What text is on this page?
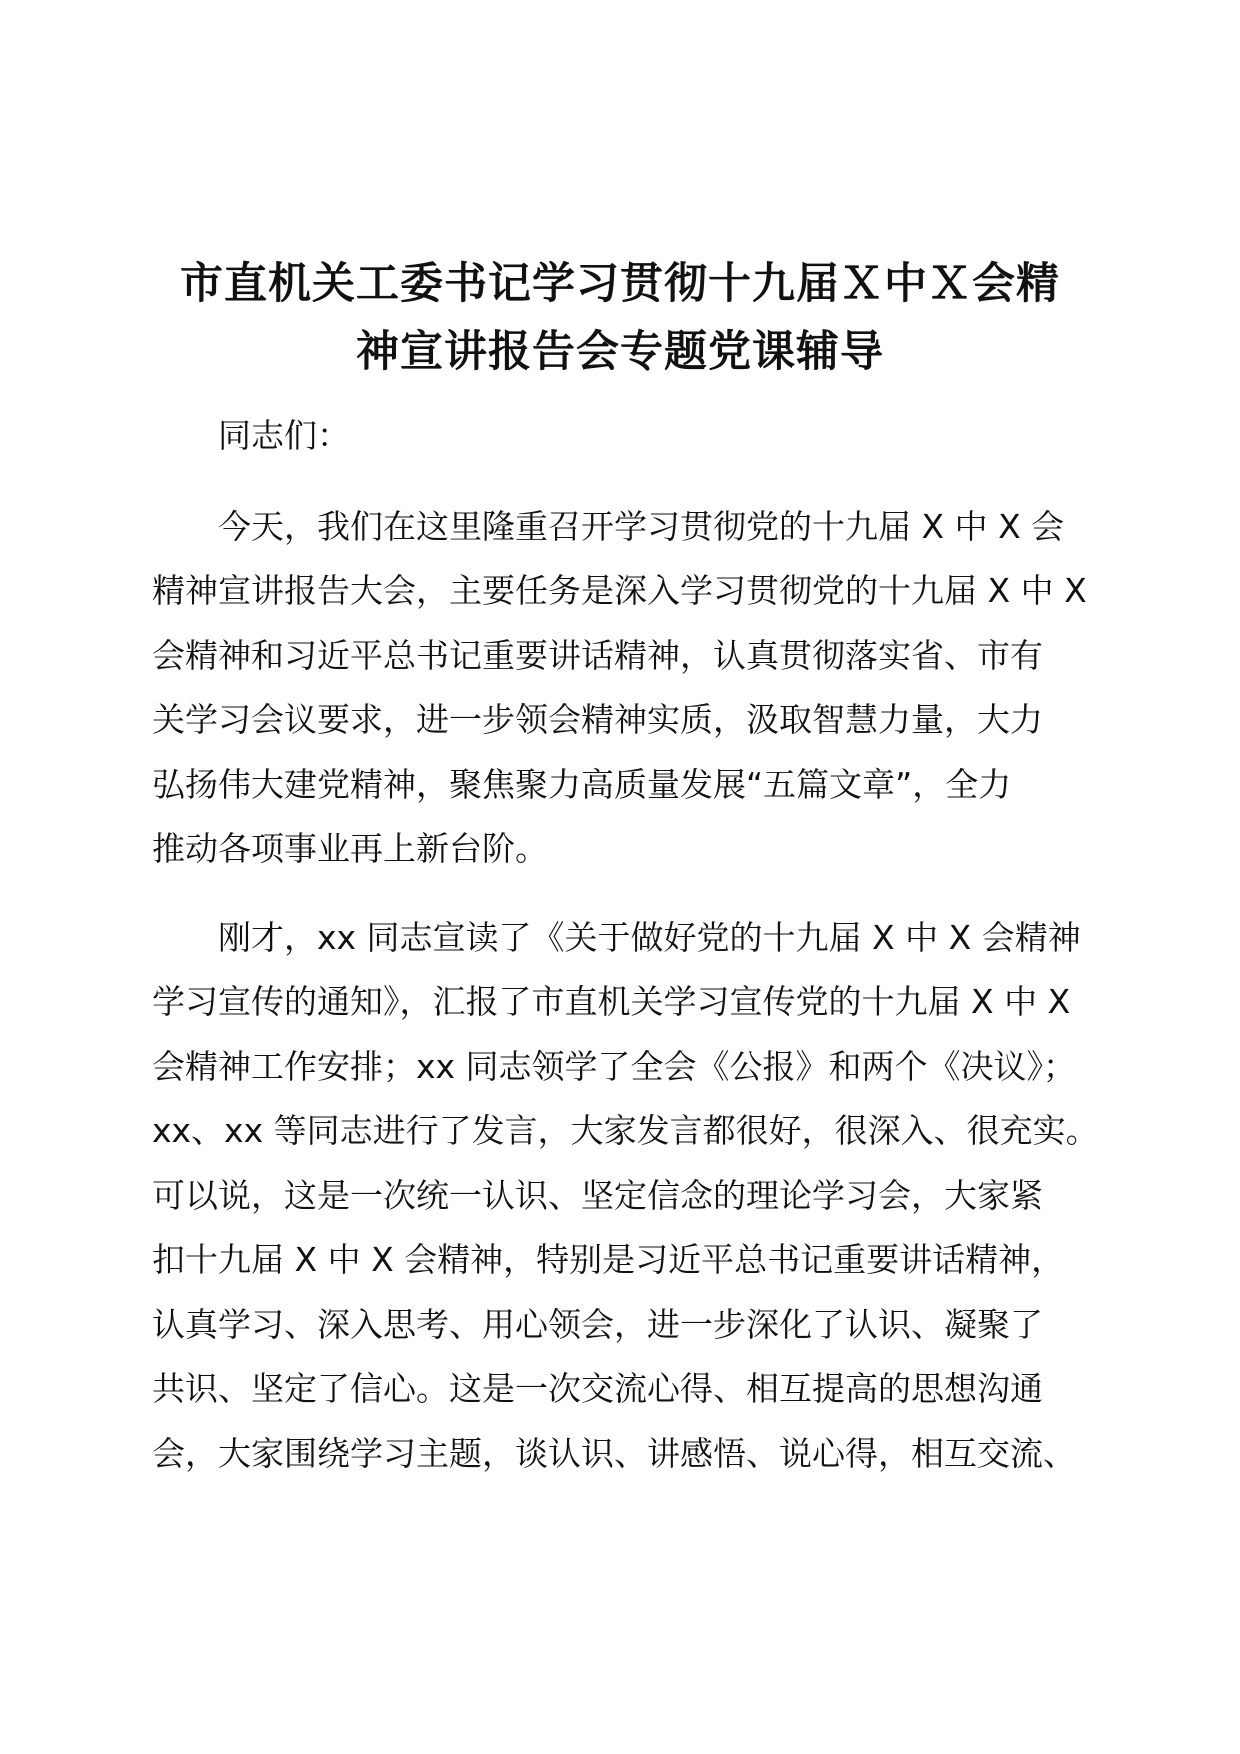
市直机关工委书记学习贯彻十九届Ｘ中Ｘ会精
神宣讲报告会专题党课辅导
同志们：
　　今天，我们在这里隆重召开学习贯彻党的十九届 X 中 X 会
精神宣讲报告大会，主要任务是深入学习贯彻党的十九届 X 中 X
会精神和习近平总书记重要讲话精神，认真贯彻落实省、市有
关学习会议要求，进一步领会精神实质，汲取智慧力量，大力
弘扬伟大建党精神，聚焦聚力高质量发展“五篇文章”，全力
推动各项事业再上新台阶。
　　刚才，xx 同志宣读了《关于做好党的十九届 X 中 X 会精神
学习宣传的通知》，汇报了市直机关学习宣传党的十九届 X 中 X
会精神工作安排；xx 同志领学了全会《公报》和两个《决议》；
xx、xx 等同志进行了发言，大家发言都很好，很深入、很充实。
可以说，这是一次统一认识、坚定信念的理论学习会，大家紧
扣十九届 X 中 X 会精神，特别是习近平总书记重要讲话精神，
认真学习、深入思考、用心领会，进一步深化了认识、凝聚了
共识、坚定了信心。这是一次交流心得、相互提高的思想沟通
会，大家围绕学习主题，谈认识、讲感悟、说心得，相互交流、
